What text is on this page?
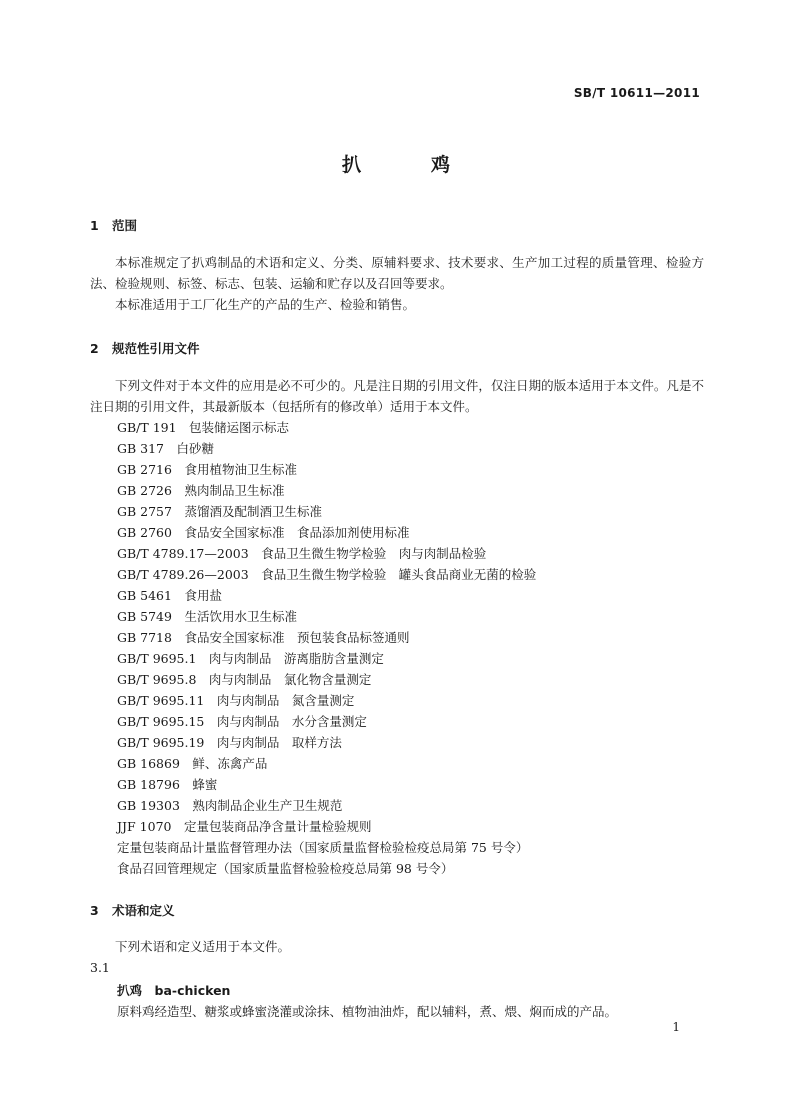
SB/T 10611—2011
扒	鸡
1 范围
本标准规定了扒鸡制品的术语和定义、分类、原辅料要求、技术要求、生产加工过程的质量管理、检验方法、检验规则、标签、标志、包装、运输和贮存以及召回等要求。
本标准适用于工厂化生产的产品的生产、检验和销售。
2 规范性引用文件
下列文件对于本文件的应用是必不可少的。凡是注日期的引用文件，仅注日期的版本适用于本文件。凡是不注日期的引用文件，其最新版本（包括所有的修改单）适用于本文件。
GB/T 191　包装储运图示标志
GB 317　白砂糖
GB 2716　食用植物油卫生标准
GB 2726　熟肉制品卫生标准
GB 2757　蒸馏酒及配制酒卫生标准
GB 2760　食品安全国家标准　食品添加剂使用标准
GB/T 4789.17—2003　食品卫生微生物学检验　肉与肉制品检验
GB/T 4789.26—2003　食品卫生微生物学检验　罐头食品商业无菌的检验
GB 5461　食用盐
GB 5749　生活饮用水卫生标准
GB 7718　食品安全国家标准　预包装食品标签通则
GB/T 9695.1　肉与肉制品　游离脂肪含量测定
GB/T 9695.8　肉与肉制品　氯化物含量测定
GB/T 9695.11　肉与肉制品　氮含量测定
GB/T 9695.15　肉与肉制品　水分含量测定
GB/T 9695.19　肉与肉制品　取样方法
GB 16869　鲜、冻禽产品
GB 18796　蜂蜜
GB 19303　熟肉制品企业生产卫生规范
JJF 1070　定量包装商品净含量计量检验规则
定量包装商品计量监督管理办法（国家质量监督检验检疫总局第 75 号令）
食品召回管理规定（国家质量监督检验检疫总局第 98 号令）
3 术语和定义
下列术语和定义适用于本文件。
3.1
扒鸡　 ba-chicken
原料鸡经造型、糖浆或蜂蜜浇灌或涂抹、植物油油炸，配以辅料，煮、煨、焖而成的产品。
1
